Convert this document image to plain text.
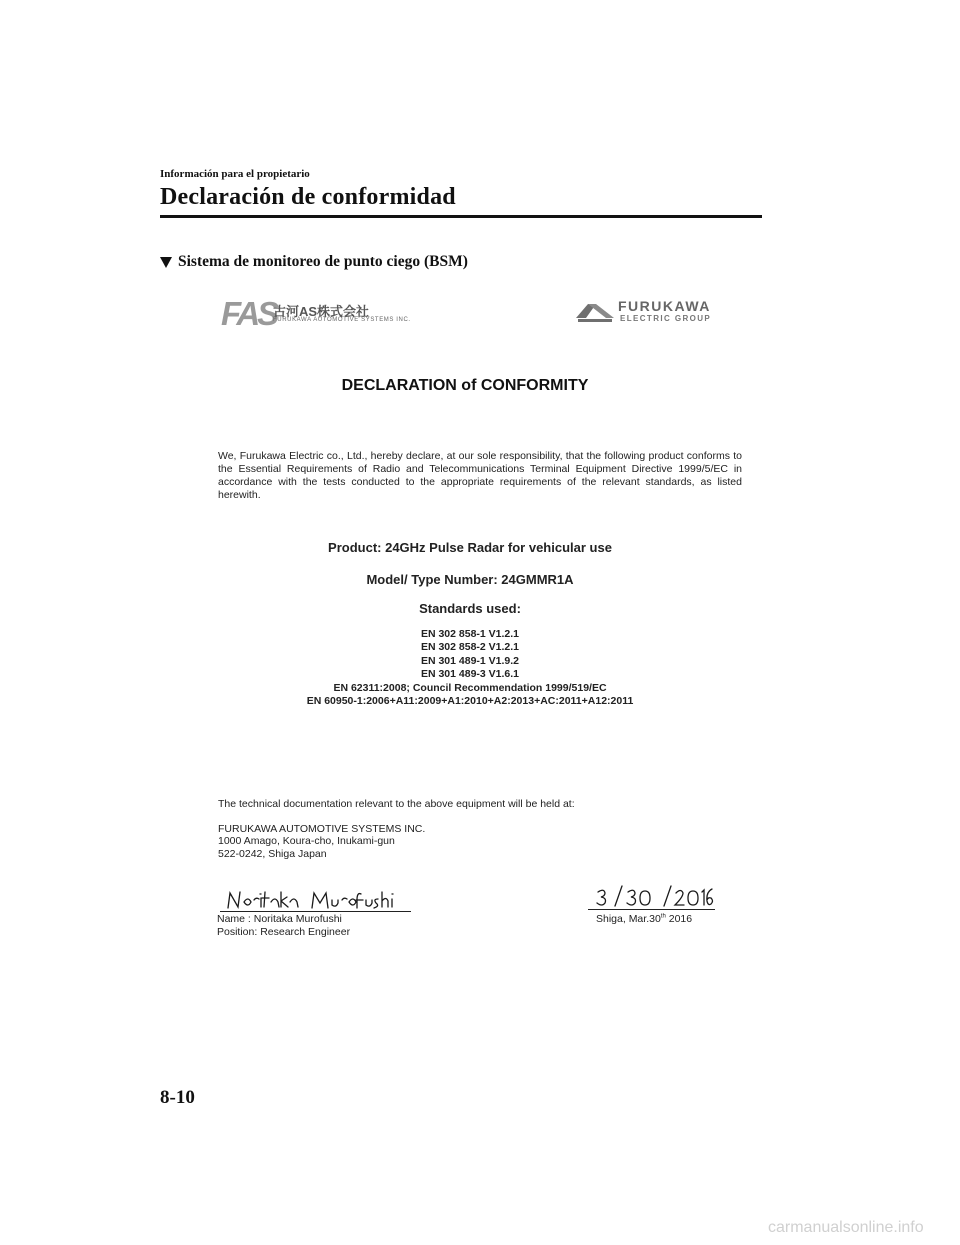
Información para el propietario
Declaración de conformidad
Sistema de monitoreo de punto ciego (BSM)
FAS
古河AS株式会社
FURUKAWA AUTOMOTIVE SYSTEMS INC.
FURUKAWA
ELECTRIC GROUP
DECLARATION of CONFORMITY
We, Furukawa Electric co., Ltd., hereby declare, at our sole responsibility, that the following product conforms to the Essential Requirements of Radio and Telecommunications Terminal Equipment Directive 1999/5/EC in accordance with the tests conducted to the appropriate requirements of the relevant standards, as listed herewith.
Product: 24GHz Pulse Radar for vehicular use
Model/ Type Number: 24GMMR1A
Standards used:
EN 302 858-1 V1.2.1
EN 302 858-2 V1.2.1
EN 301 489-1 V1.9.2
EN 301 489-3 V1.6.1
EN 62311:2008; Council Recommendation 1999/519/EC
EN 60950-1:2006+A11:2009+A1:2010+A2:2013+AC:2011+A12:2011
The technical documentation relevant to the above equipment will be held at:
FURUKAWA AUTOMOTIVE SYSTEMS INC.
1000 Amago, Koura-cho, Inukami-gun
522-0242, Shiga Japan
Name : Noritaka Murofushi
Position: Research Engineer
Shiga, Mar.30th 2016
8-10
carmanualsonline.info
